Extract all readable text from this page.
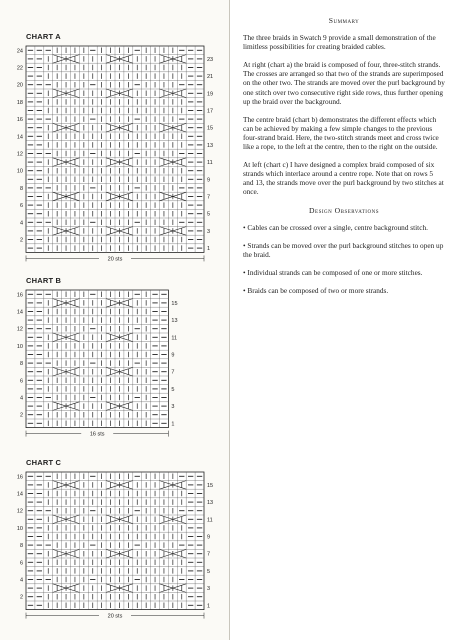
CHART A
1
2
3
4
5
6
7
8
9
10
11
12
13
14
15
16
17
18
19
20
21
22
23
24
20 sts
CHART B
1
2
3
4
5
6
7
8
9
10
11
12
13
14
15
16
16 sts
CHART C
1
2
3
4
5
6
7
8
9
10
11
12
13
14
15
16
20 sts
Summary
The three braids in Swatch 9 provide a small demonstration of the limitless possibilities for creating braided cables.
At right (chart a) the braid is composed of four, three-stitch strands. The crosses are arranged so that two of the strands are superimposed on the other two. The strands are moved over the purl background by one stitch over two consecutive right side rows, thus further opening up the braid over the background.
The centre braid (chart b) demonstrates the different effects which can be achieved by making a few simple changes to the previous four-strand braid. Here, the two-stitch strands meet and cross twice like a rope, to the left at the centre, then to the right on the outside.
At left (chart c) I have designed a complex braid composed of six strands which interlace around a centre rope. Note that on rows 5 and 13, the strands move over the purl background by two stitches at once.
Design Observations
• Cables can be crossed over a single, centre background stitch.
• Strands can be moved over the purl background stitches to open up the braid.
• Individual strands can be composed of one or more stitches.
• Braids can be composed of two or more strands.
